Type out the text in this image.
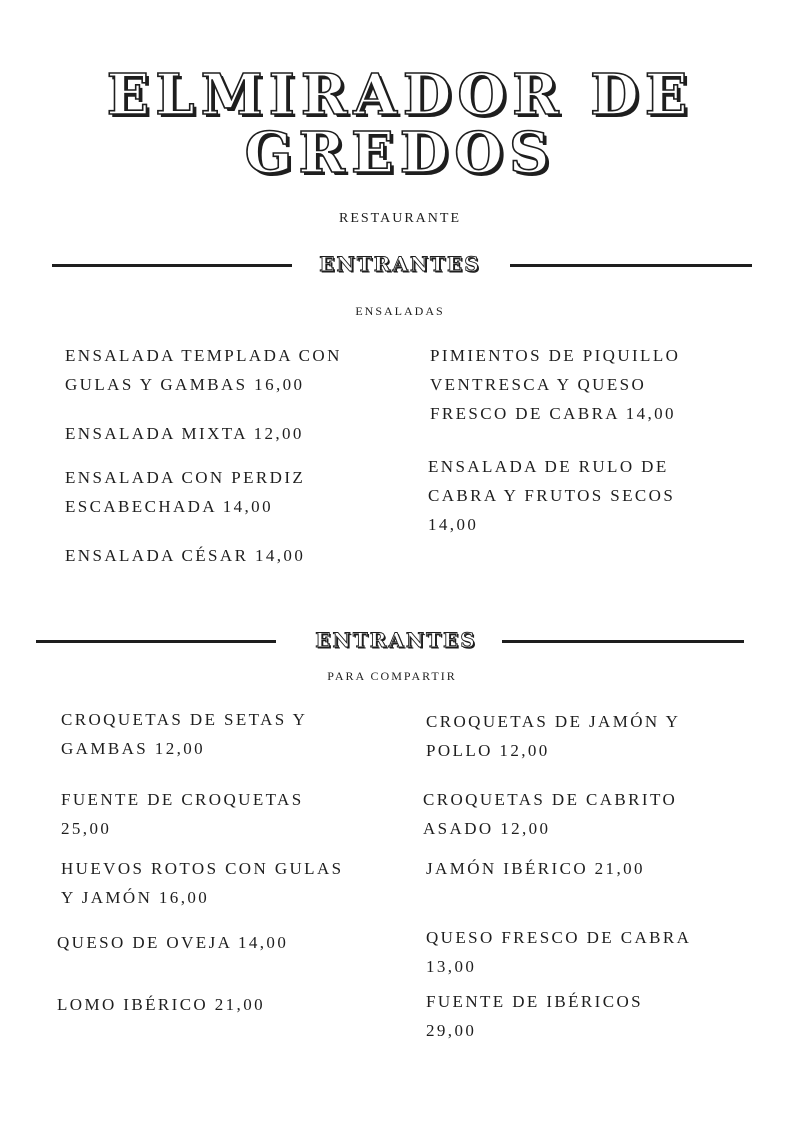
ELMIRADOR DE
GREDOS
RESTAURANTE
ENTRANTES
ENSALADAS
ENSALADA TEMPLADA CON
GULAS Y GAMBAS 16,00
ENSALADA MIXTA 12,00
ENSALADA CON PERDIZ
ESCABECHADA 14,00
ENSALADA CÉSAR 14,00
PIMIENTOS DE PIQUILLO
VENTRESCA Y QUESO
FRESCO DE CABRA 14,00
ENSALADA DE RULO DE
CABRA Y FRUTOS SECOS
14,00
ENTRANTES
PARA COMPARTIR
CROQUETAS DE SETAS Y
GAMBAS 12,00
FUENTE DE CROQUETAS
25,00
HUEVOS ROTOS CON GULAS
Y JAMÓN 16,00
QUESO DE OVEJA 14,00
LOMO IBÉRICO 21,00
CROQUETAS DE JAMÓN Y
POLLO 12,00
CROQUETAS DE CABRITO
ASADO 12,00
JAMÓN IBÉRICO 21,00
QUESO FRESCO DE CABRA
13,00
FUENTE DE IBÉRICOS
29,00
